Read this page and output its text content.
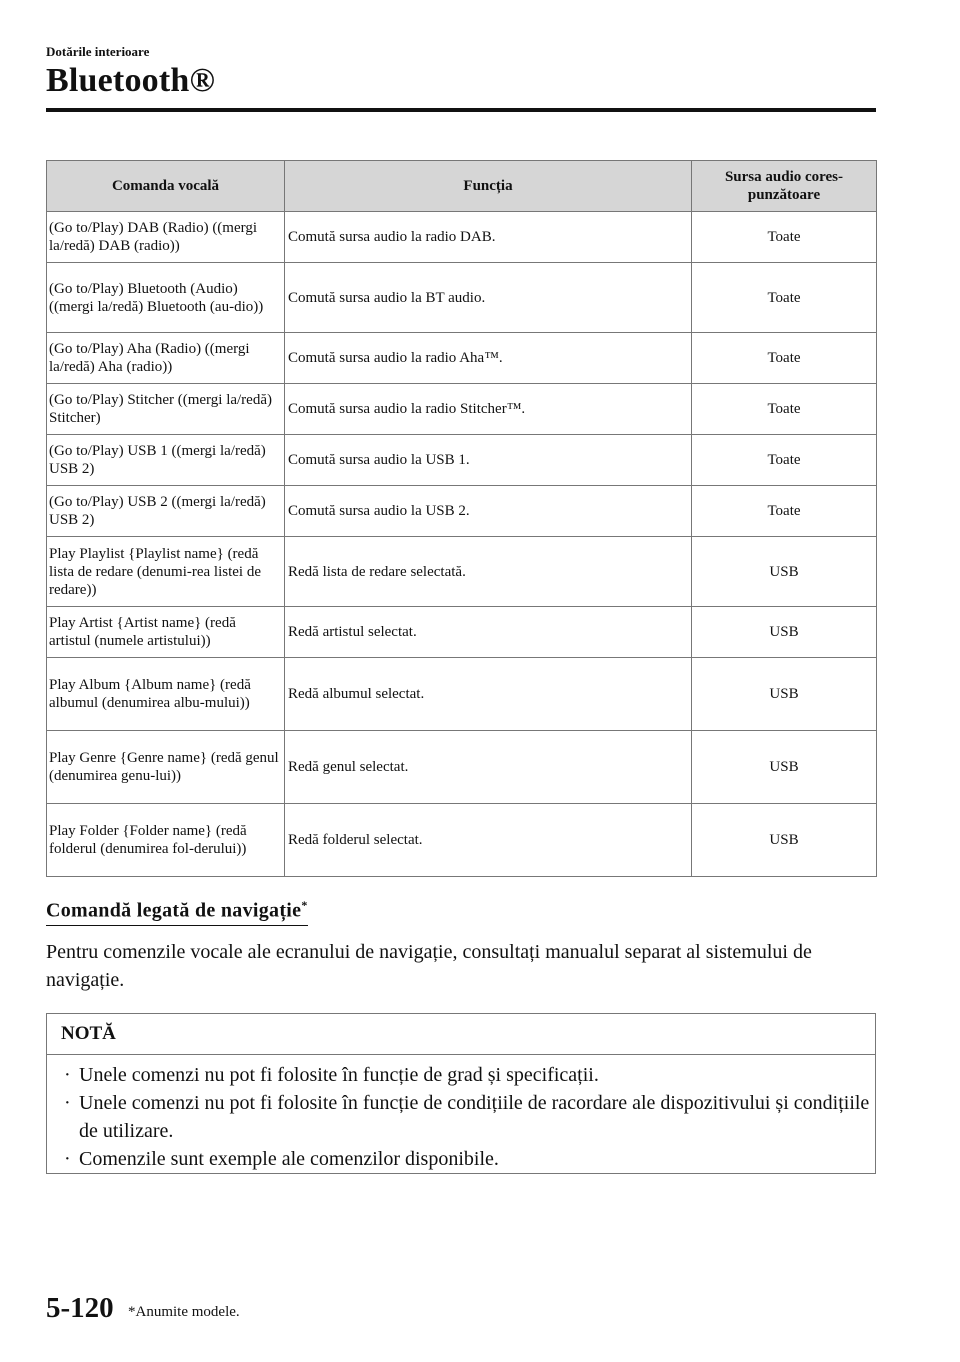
Dotările interioare
Bluetooth®
Comanda vocală	Funcția	Sursa audio cores-punzătoare
(Go to/Play) DAB (Radio) ((mergi la/redă) DAB (radio))	Comută sursa audio la radio DAB.	Toate
(Go to/Play) Bluetooth (Audio) ((mergi la/redă) Bluetooth (au-dio))	Comută sursa audio la BT audio.	Toate
(Go to/Play) Aha (Radio) ((mergi la/redă) Aha (radio))	Comută sursa audio la radio Aha™.	Toate
(Go to/Play) Stitcher ((mergi la/redă) Stitcher)	Comută sursa audio la radio Stitcher™.	Toate
(Go to/Play) USB 1 ((mergi la/redă) USB 2)	Comută sursa audio la USB 1.	Toate
(Go to/Play) USB 2 ((mergi la/redă) USB 2)	Comută sursa audio la USB 2.	Toate
Play Playlist {Playlist name} (redă lista de redare (denumi-rea listei de redare))	Redă lista de redare selectată.	USB
Play Artist {Artist name} (redă artistul (numele artistului))	Redă artistul selectat.	USB
Play Album {Album name} (redă albumul (denumirea albu-mului))	Redă albumul selectat.	USB
Play Genre {Genre name} (redă genul (denumirea genu-lui))	Redă genul selectat.	USB
Play Folder {Folder name} (redă folderul (denumirea fol-derului))	Redă folderul selectat.	USB
Comandă legată de navigație*
Pentru comenzile vocale ale ecranului de navigație, consultați manualul separat al sistemului de navigație.
NOTĂ
· Unele comenzi nu pot fi folosite în funcție de grad și specificații.
· Unele comenzi nu pot fi folosite în funcție de condițiile de racordare ale dispozitivului și condițiile de utilizare.
· Comenzile sunt exemple ale comenzilor disponibile.
5-120 *Anumite modele.
